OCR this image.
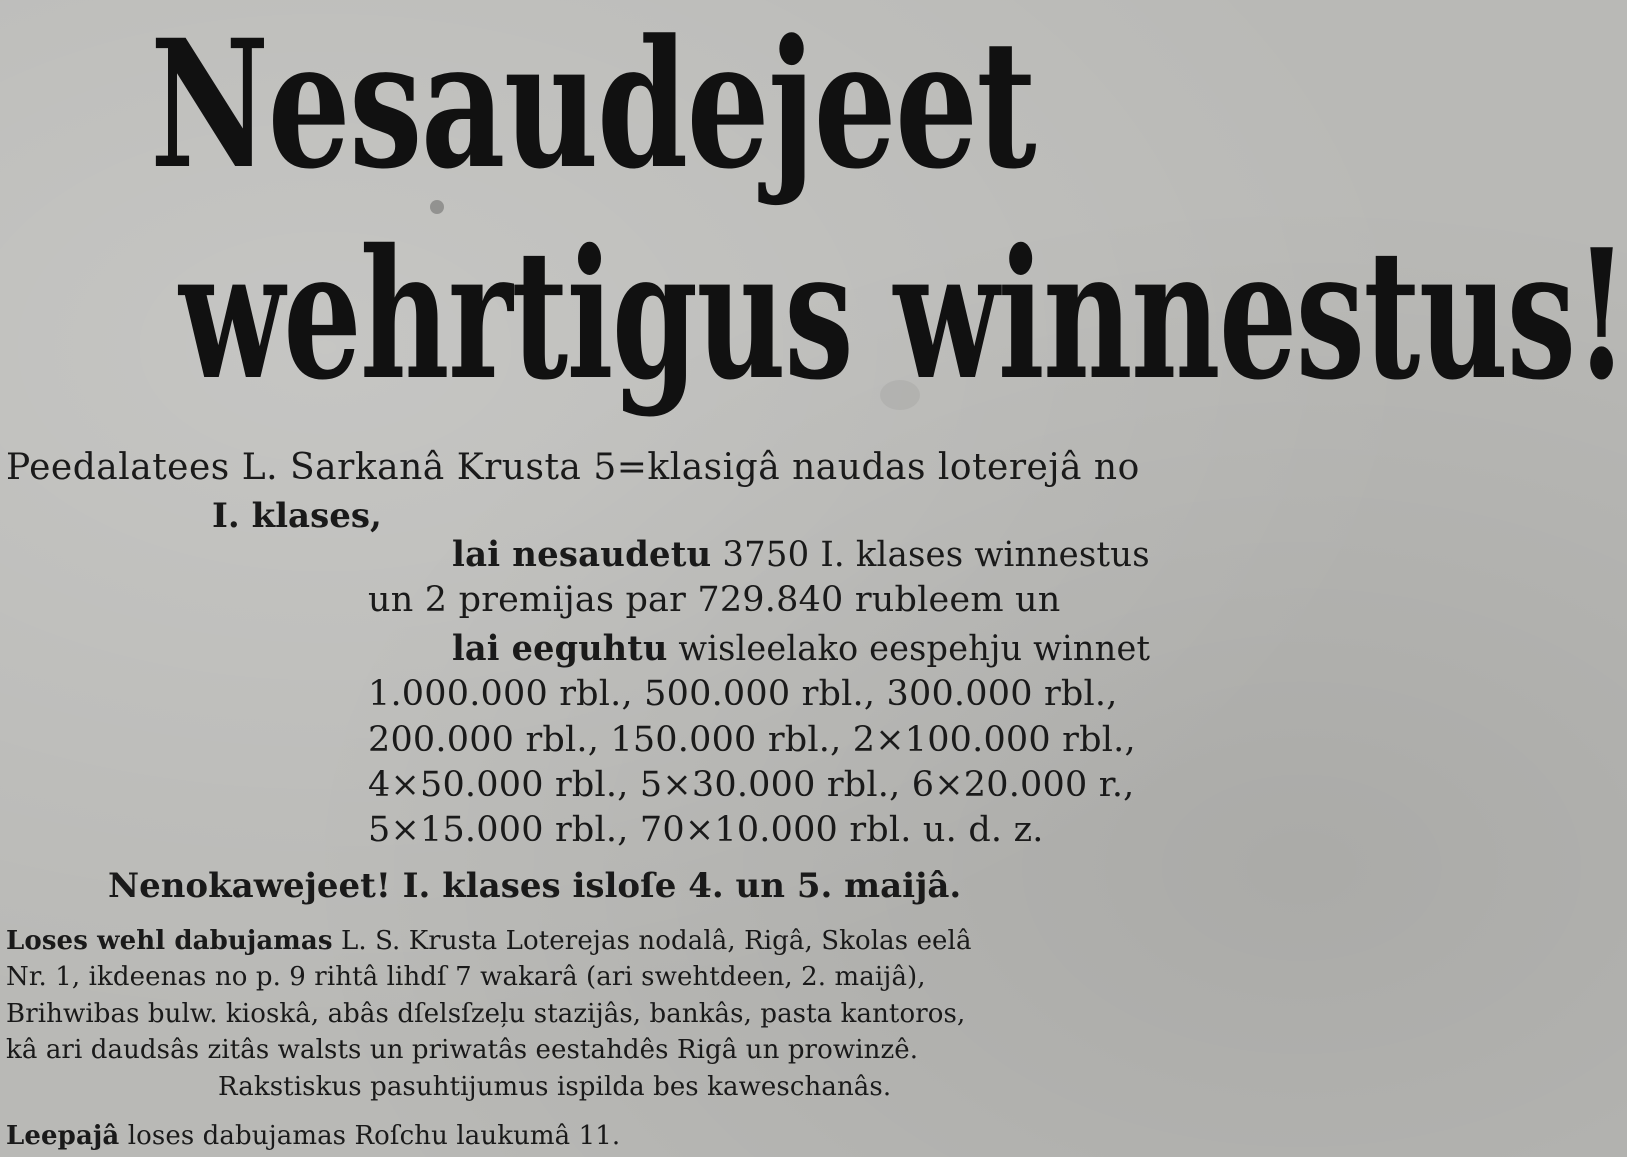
Nesaudejeet
wehrtigus winnestus!
Peedalatees L. Sarkanâ Krusta 5=klasigâ naudas loterejâ no
I. klases,
lai nesaudetu 3750 I. klases winnestus
un 2 premijas par 729.840 rubleem un
lai eeguhtu wisleelako eespehju winnet
1.000.000 rbl., 500.000 rbl., 300.000 rbl.,
200.000 rbl., 150.000 rbl., 2×100.000 rbl.,
4×50.000 rbl., 5×30.000 rbl., 6×20.000 r.,
5×15.000 rbl., 70×10.000 rbl. u. d. z.
Nenokawejeet! I. klases isloſe 4. un 5. maijâ.
Loses wehl dabujamas L. S. Krusta Loterejas nodalâ, Rigâ, Skolas eelâ
Nr. 1, ikdeenas no p. 9 rihtâ lihdſ 7 wakarâ (ari swehtdeen, 2. maijâ),
Brihwibas bulw. kioskâ, abâs dſelsſzeļu stazijâs, bankâs, pasta kantoros,
kâ ari daudsâs zitâs walsts un priwatâs eestahdês Rigâ un prowinzê.
Rakstiskus pasuhtijumus ispilda bes kaweschanâs.
Leepajâ loses dabujamas Roſchu laukumâ 11.
